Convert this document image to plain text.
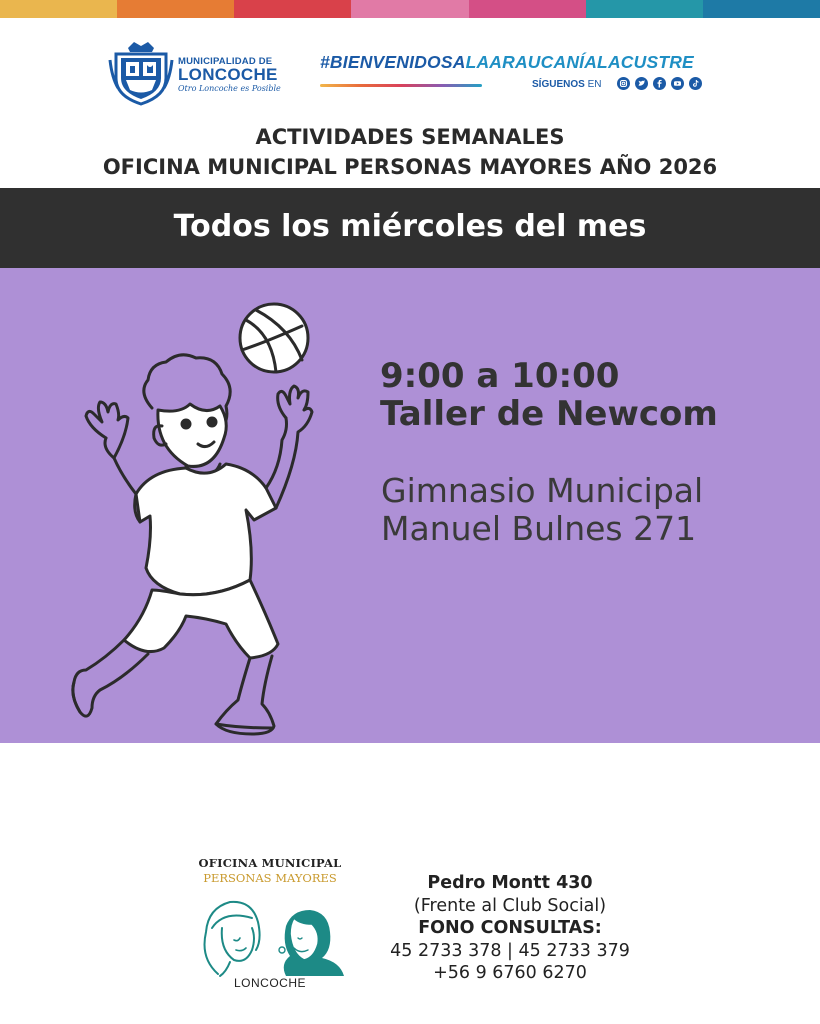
MUNICIPALIDAD DE
LONCOCHE
Otro Loncoche es Posible
#BIENVENIDOSALAARAUCANÍALACUSTRE
SÍGUENOS EN
ACTIVIDADES SEMANALES
OFICINA MUNICIPAL PERSONAS MAYORES AÑO 2026
Todos los miércoles del mes
9:00 a 10:00
Taller de Newcom
Gimnasio Municipal
Manuel Bulnes 271
OFICINA MUNICIPAL
PERSONAS MAYORES
LONCOCHE
Pedro Montt 430
(Frente al Club Social)
FONO CONSULTAS:
45 2733 378 | 45 2733 379
+56 9 6760 6270
